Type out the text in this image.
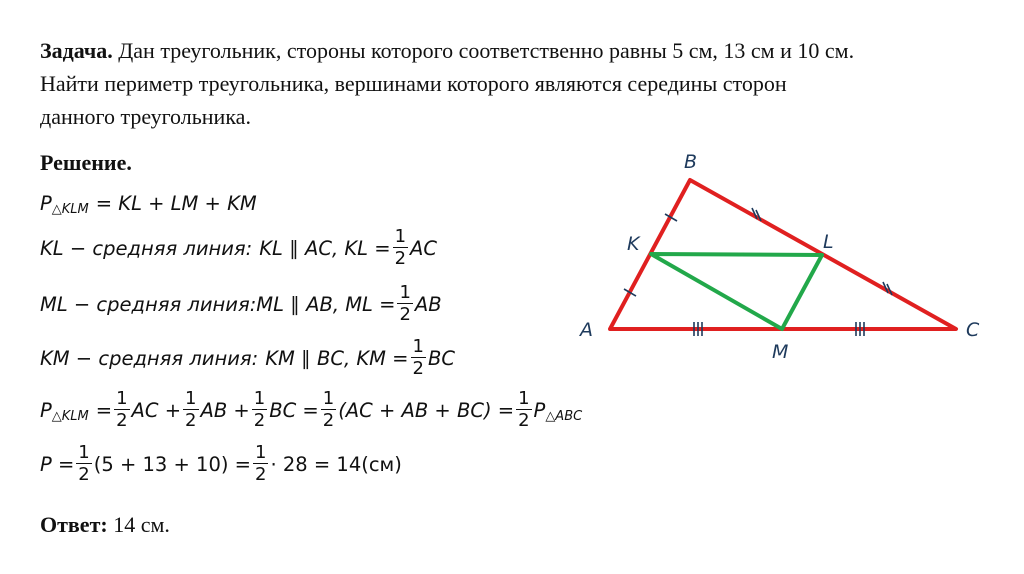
Задача. Дан треугольник, стороны которого соответственно равны 5 см, 13 см и 10 см.
Найти периметр треугольника, вершинами которого являются середины сторон
данного треугольника.

Решение.
P △KLM = KL + LM + KM
KL − средняя линия: KL ∥ AC, KL = $\frac{1}{2}$ AC
ML − средняя линия: ML ∥ AB, ML = $\frac{1}{2}$ AB
KM − средняя линия: KM ∥ BC, KM = $\frac{1}{2}$ BC
P △KLM = $\frac{1}{2}$ AC + $\frac{1}{2}$ AB + $\frac{1}{2}$ BC = $\frac{1}{2} (AC$ + AB + $BC) = \frac{1}{2}$ P △ABC
$P = \frac{1}{2} (5 + 13 + 10) = \frac{1}{2} \cdot 28 = 14(см)$
Ответ: 14 см.
B
K	L
A	C
M
